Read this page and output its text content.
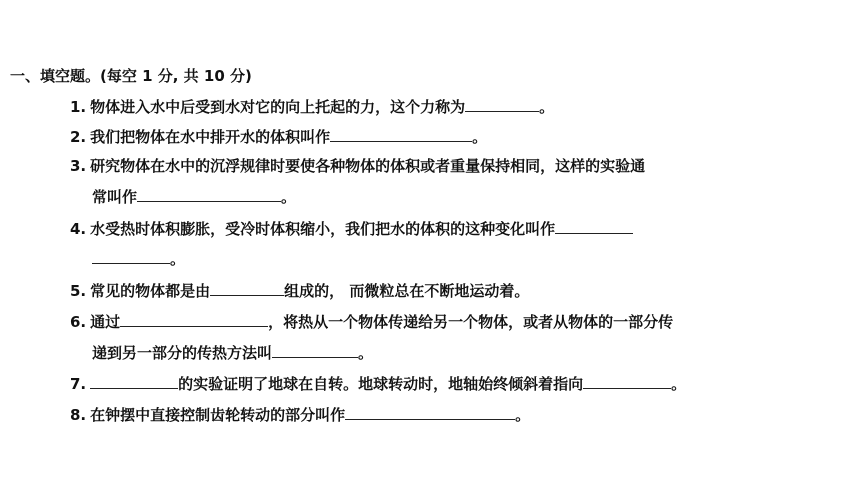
一、填空题。(每空 1 分, 共 10 分)
1. 物体进入水中后受到水对它的向上托起的力，这个力称为	。
2. 我们把物体在水中排开水的体积叫作	。
3. 研究物体在水中的沉浮规律时要使各种物体的体积或者重量保持相同，这样的实验通
常叫作	。
4. 水受热时体积膨胀，受冷时体积缩小，我们把水的体积的这种变化叫作
。
5. 常见的物体都是由	组成的， 而微粒总在不断地运动着。
6. 通过	，将热从一个物体传递给另一个物体，或者从物体的一部分传
递到另一部分的传热方法叫	。
7.	的实验证明了地球在自转。地球转动时，地轴始终倾斜着指向	。
8. 在钟摆中直接控制齿轮转动的部分叫作	。
